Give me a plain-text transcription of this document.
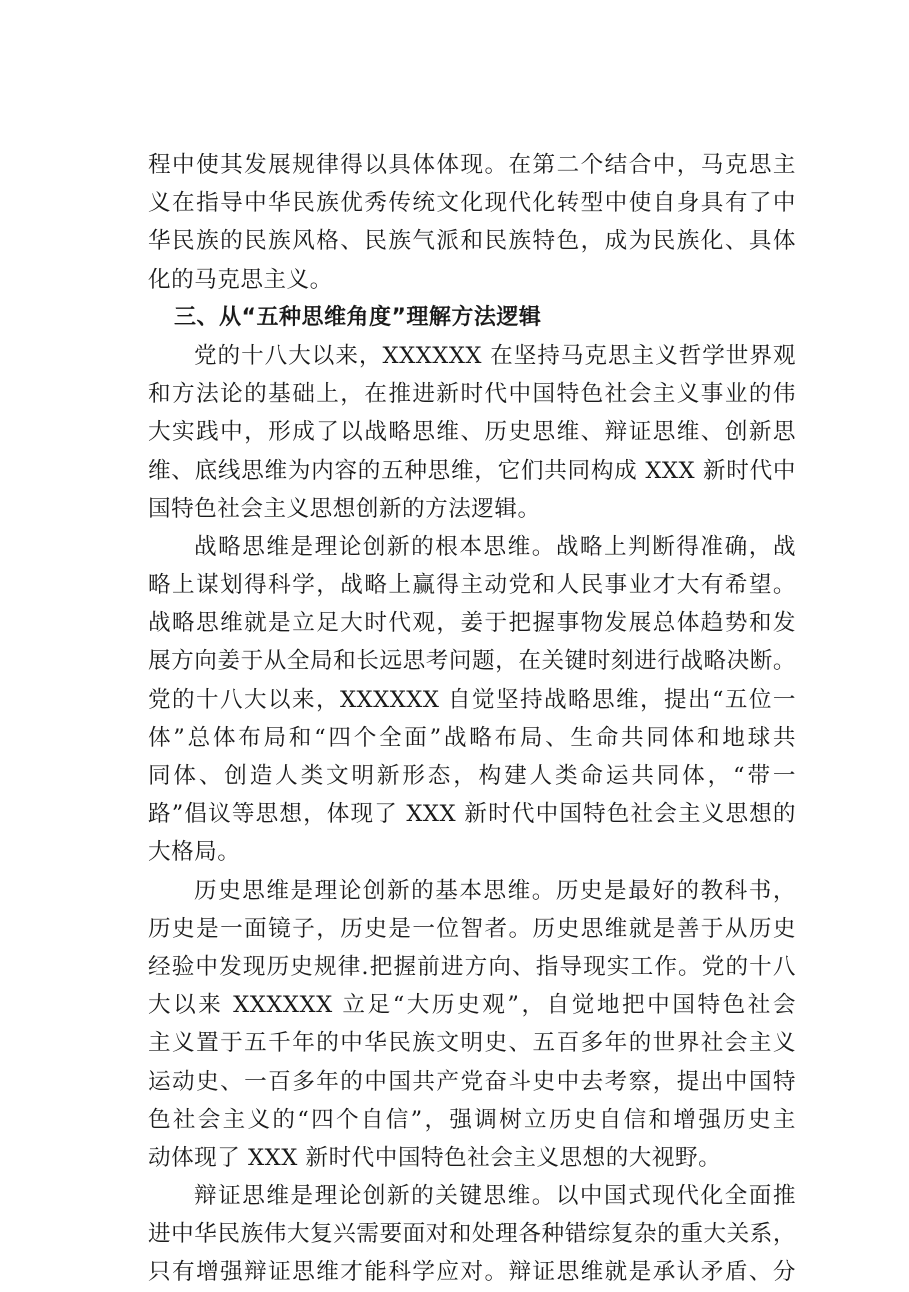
程中使其发展规律得以具体体现。在第二个结合中，马克思主
义在指导中华民族优秀传统文化现代化转型中使自身具有了中
华民族的民族风格、民族气派和民族特色，成为民族化、具体
化的马克思主义。
三、从“五种思维角度”理解方法逻辑
党的十八大以来，XXXXXX 在坚持马克思主义哲学世界观
和方法论的基础上，在推进新时代中国特色社会主义事业的伟
大实践中，形成了以战略思维、历史思维、辩证思维、创新思
维、底线思维为内容的五种思维，它们共同构成 XXX 新时代中
国特色社会主义思想创新的方法逻辑。
战略思维是理论创新的根本思维。战略上判断得准确，战
略上谋划得科学，战略上赢得主动党和人民事业才大有希望。
战略思维就是立足大时代观，姜于把握事物发展总体趋势和发
展方向姜于从全局和长远思考问题，在关键时刻进行战略决断。
党的十八大以来，XXXXXX 自觉坚持战略思维，提出“五位一
体”总体布局和“四个全面”战略布局、生命共同体和地球共
同体、创造人类文明新形态，构建人类命运共同体，“带一
路”倡议等思想，体现了 XXX 新时代中国特色社会主义思想的
大格局。
历史思维是理论创新的基本思维。历史是最好的教科书，
历史是一面镜子，历史是一位智者。历史思维就是善于从历史
经验中发现历史规律.把握前进方向、指导现实工作。党的十八
大以来 XXXXXX 立足“大历史观”，自觉地把中国特色社会
主义置于五千年的中华民族文明史、五百多年的世界社会主义
运动史、一百多年的中国共产党奋斗史中去考察，提出中国特
色社会主义的“四个自信”，强调树立历史自信和增强历史主
动体现了 XXX 新时代中国特色社会主义思想的大视野。
辩证思维是理论创新的关键思维。以中国式现代化全面推
进中华民族伟大复兴需要面对和处理各种错综复杂的重大关系，
只有增强辩证思维才能科学应对。辩证思维就是承认矛盾、分
